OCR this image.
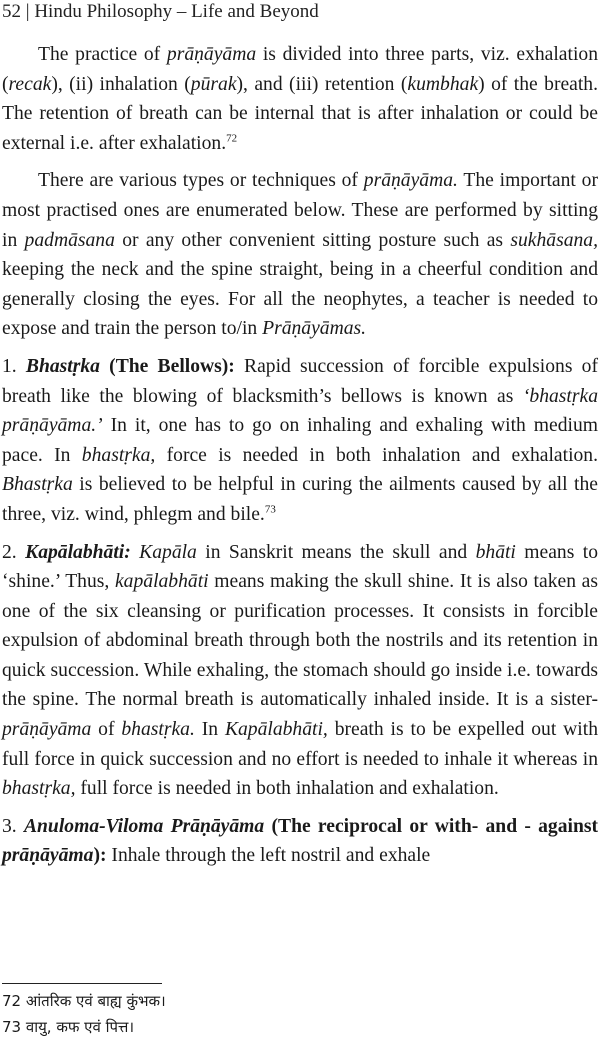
52 | Hindu Philosophy – Life and Beyond

The practice of prāṇāyāma is divided into three parts, viz. exhalation (recak), (ii) inhalation (pūrak), and (iii) retention (kumbhak) of the breath. The retention of breath can be internal that is after inhalation or could be external i.e. after exhalation.$^{72}$

There are various types or techniques of prāṇāyāma. The important or most practised ones are enumerated below. These are performed by sitting in padmāsana or any other convenient sitting posture such as sukhāsana, keeping the neck and the spine straight, being in a cheerful condition and generally closing the eyes. For all the neophytes, a teacher is needed to expose and train the person to/in Prāṇāyāmas.

1. Bhastṛka (The Bellows): Rapid succession of forcible expulsions of breath like the blowing of blacksmith’s bellows is known as ‘bhastṛka prāṇāyāma.’ In it, one has to go on inhaling and exhaling with medium pace. In bhastṛka, force is needed in both inhalation and exhalation. Bhastṛka is believed to be helpful in curing the ailments caused by all the three, viz. wind, phlegm and bile.$^{73}$

2. Kapālabhāti: Kapāla in Sanskrit means the skull and bhāti means to ‘shine.’ Thus, kapālabhāti means making the skull shine. It is also taken as one of the six cleansing or purification processes. It consists in forcible expulsion of abdominal breath through both the nostrils and its retention in quick succession. While exhaling, the stomach should go inside i.e. towards the spine. The normal breath is automatically inhaled inside. It is a sister-prāṇāyāma of bhastṛka. In Kapālabhāti, breath is to be expelled out with full force in quick succession and no effort is needed to inhale it whereas in bhastṛka, full force is needed in both inhalation and exhalation.

3. Anuloma-Viloma Prāṇāyāma (The reciprocal or with- and - against prāṇāyāma): Inhale through the left nostril and exhale

72 आंतरिक एवं बाह्य कुंभक।
73 वायु, कफ एवं पित्त।
